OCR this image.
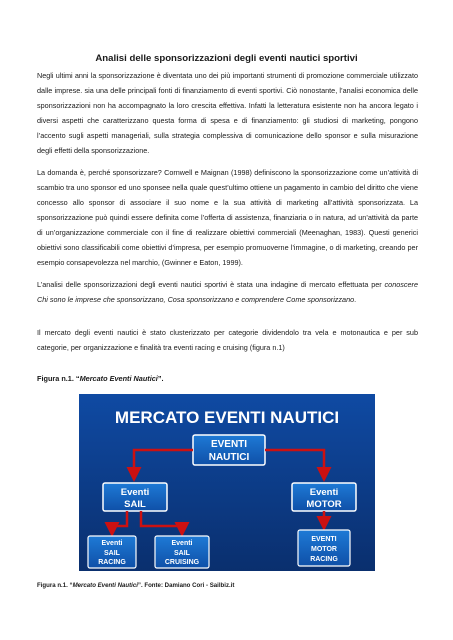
Analisi delle sponsorizzazioni degli eventi nautici sportivi

Negli ultimi anni la sponsorizzazione è diventata uno dei più importanti strumenti di promozione commerciale utilizzato dalle imprese. sia una delle principali fonti di finanziamento di eventi sportivi. Ciò nonostante, l’analisi economica delle sponsorizzazioni non ha accompagnato la loro crescita effettiva. Infatti la letteratura esistente non ha ancora legato i diversi aspetti che caratterizzano questa forma di spesa e di finanziamento: gli studiosi di marketing, pongono l’accento sugli aspetti manageriali, sulla strategia complessiva di comunicazione dello sponsor e sulla misurazione degli effetti della sponsorizzazione.

La domanda è, perché sponsorizzare? Cornwell e Maignan (1998) definiscono la sponsorizzazione come un’attività di scambio tra uno sponsor ed uno sponsee nella quale quest’ultimo ottiene un pagamento in cambio del diritto che viene concesso allo sponsor di associare il suo nome e la sua attività di marketing all’attività sponsorizzata. La sponsorizzazione può quindi essere definita come l’offerta di assistenza, finanziaria o in natura, ad un’attività da parte di un’organizzazione commerciale con il fine di realizzare obiettivi commerciali (Meenaghan, 1983). Questi generici obiettivi sono classificabili come obiettivi d’impresa, per esempio promuoverne l’immagine, o di marketing, creando per esempio consapevolezza nel marchio, (Gwinner e Eaton, 1999).

L’analisi delle sponsorizzazioni degli eventi nautici sportivi è stata una indagine di mercato effettuata per conoscere Chi sono le imprese che sponsorizzano, Cosa sponsorizzano e comprendere Come sponsorizzano.

Il mercato degli eventi nautici è stato clusterizzato per categorie dividendolo tra vela e motonautica e per sub categorie, per organizzazione e finalità tra eventi racing e cruising (figura n.1)

Figura n.1. “Mercato Eventi Nautici”.
MERCATO EVENTI NAUTICI
EVENTI
NAUTICI
Eventi
SAIL
Eventi
MOTOR
Eventi
SAIL
RACING
Eventi
SAIL
CRUISING
EVENTI
MOTOR
RACING
Figura n.1. “Mercato Eventi Nautici”. Fonte: Damiano Cori - Sailbiz.it
